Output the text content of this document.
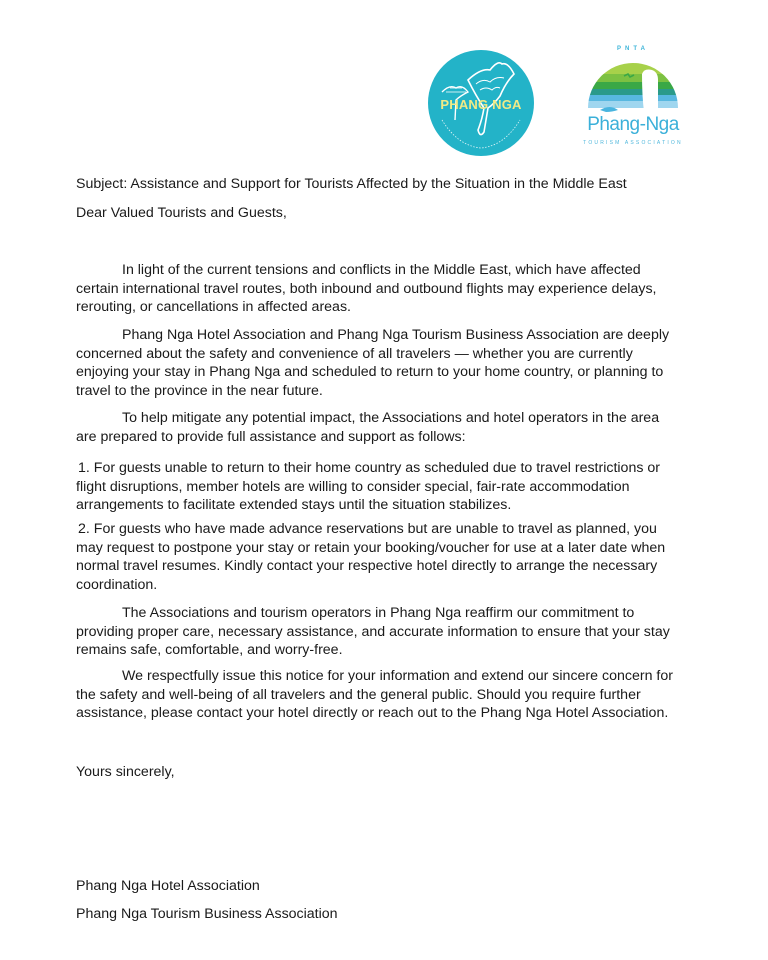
PHANG NGA
PNTA
Phang-Nga
TOURISM ASSOCIATION
Subject: Assistance and Support for Tourists Affected by the Situation in the Middle East
Dear Valued Tourists and Guests,
In light of the current tensions and conflicts in the Middle East, which have affected certain international travel routes, both inbound and outbound flights may experience delays, rerouting, or cancellations in affected areas.
Phang Nga Hotel Association and Phang Nga Tourism Business Association are deeply concerned about the safety and convenience of all travelers — whether you are currently enjoying your stay in Phang Nga and scheduled to return to your home country, or planning to travel to the province in the near future.
To help mitigate any potential impact, the Associations and hotel operators in the area are prepared to provide full assistance and support as follows:
1. For guests unable to return to their home country as scheduled due to travel restrictions or flight disruptions, member hotels are willing to consider special, fair-rate accommodation arrangements to facilitate extended stays until the situation stabilizes.
2. For guests who have made advance reservations but are unable to travel as planned, you may request to postpone your stay or retain your booking/voucher for use at a later date when normal travel resumes. Kindly contact your respective hotel directly to arrange the necessary coordination.
The Associations and tourism operators in Phang Nga reaffirm our commitment to providing proper care, necessary assistance, and accurate information to ensure that your stay remains safe, comfortable, and worry-free.
We respectfully issue this notice for your information and extend our sincere concern for the safety and well-being of all travelers and the general public. Should you require further assistance, please contact your hotel directly or reach out to the Phang Nga Hotel Association.
Yours sincerely,
Phang Nga Hotel Association
Phang Nga Tourism Business Association
